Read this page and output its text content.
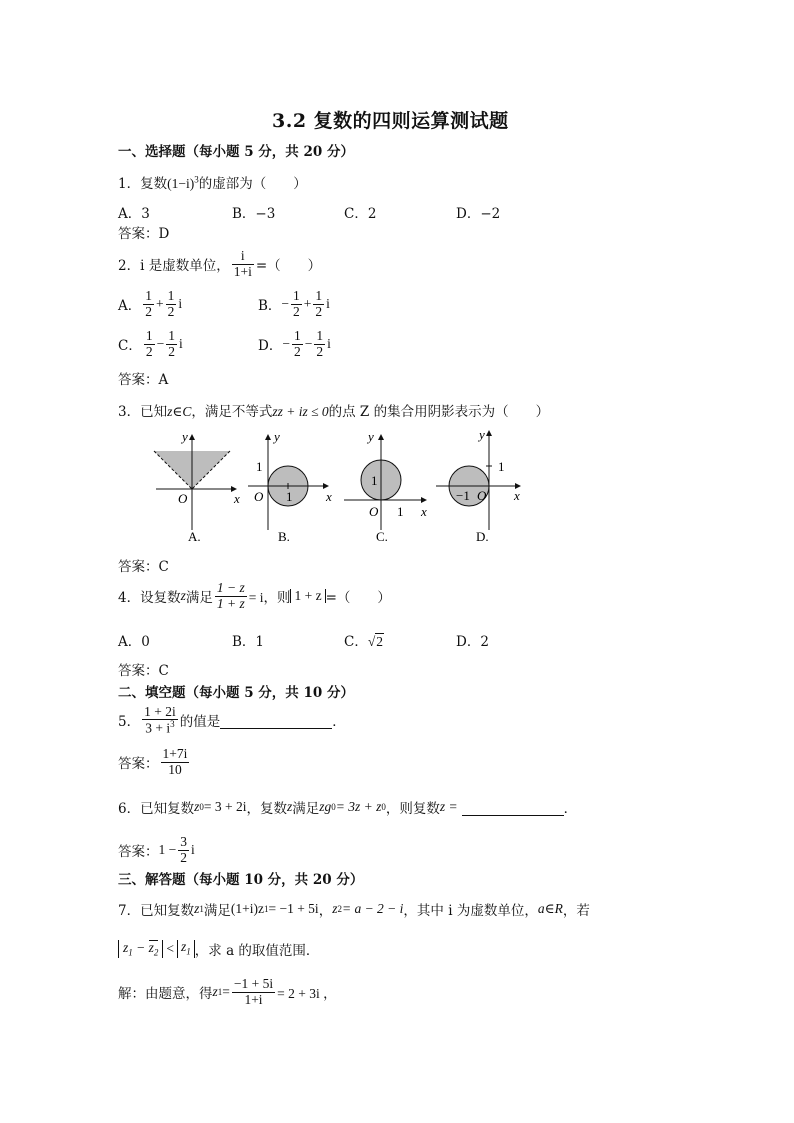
3.2 复数的四则运算测试题
一、选择题（每小题 5 分，共 20 分）
1．复数$(1-i)^3$的虚部为（　　）
A．3	B．−3	C．2	D．−2
答案：D
2． i 是虚数单位， $\frac{i}{1+i}$ =（　　）
A．
1
$2 + \frac{1}{2}$ i	B． − $\frac{1}{2} + \frac{1}{2}$ i
C．
1
$2 - \frac{1}{2}$ i	D． − $\frac{1}{2} - \frac{1}{2}$ i
答案：A
3．已知z∈C，满足不等式zz + iz ≤ 0的点 Z 的集合用阴影表示为（　　）
y
O	x
A.
y
1
O 1	x
B.
y
1
O 1 x
C.
y
1
−1 O x
D.
答案：C
4． 设复数 z 满足 $\frac{1 - z}{1 + z} = i$，则 1 + z =（　　）
A．0	B．1	C．√2	D．2
答案：C
二、填空题（每小题 5 分，共 10 分）
5．
1 + 2i
$3 + i^3$ 的值是	．
答案：
1+7i
10
6． 已知复数 z 0 = 3 + 2i ，复数 z 满足 zg 0 = 3z + z 0 ，则复数 z =	．
答案： $1 - \frac{3}{2}$ i
三、解答题（每小题 10 分，共 20 分）
7． 已知复数 z 1 满足 (1+i)z 1 = −1 + 5i ， z 2 = a − 2 − i ，其中 i 为虚数单位， a∈R ，若
$z_1 - z_2 < z_1$ ，求 a 的取值范围．
解：由题意，得 z $1 = \frac{-1 + 5i}{1+i} = 2 + 3i$ ，
